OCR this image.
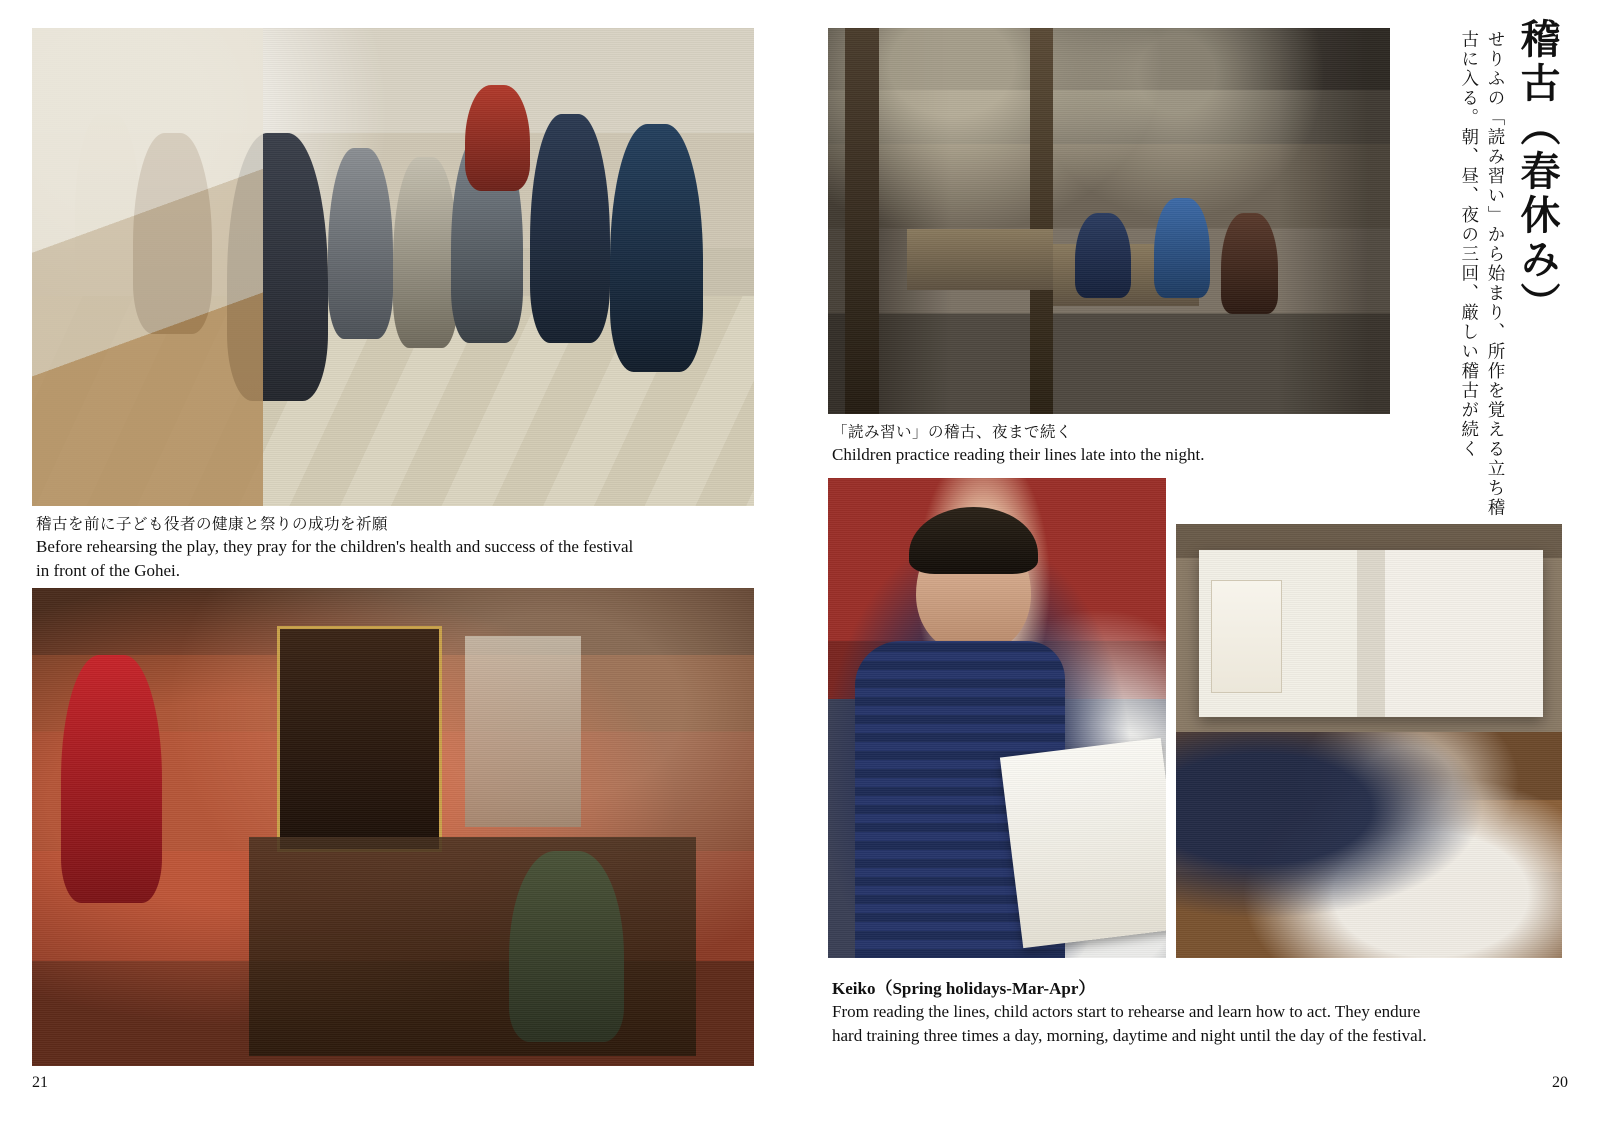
稽古を前に子ども役者の健康と祭りの成功を祈願
Before rehearsing the play, they pray for the children's health and success of the festival
in front of the Gohei.
21
「読み習い」の稽古、夜まで続く
Children practice reading their lines late into the night.
Keiko（Spring holidays-Mar-Apr）
From reading the lines, child actors start to rehearse and learn how to act. They endure
hard training three times a day, morning, daytime and night until the day of the festival.
稽古（春休み）
せりふの「読み習い」から始まり、所作を覚える立ち稽古に入る。朝、昼、夜の三回、厳しい稽古が続く
20
